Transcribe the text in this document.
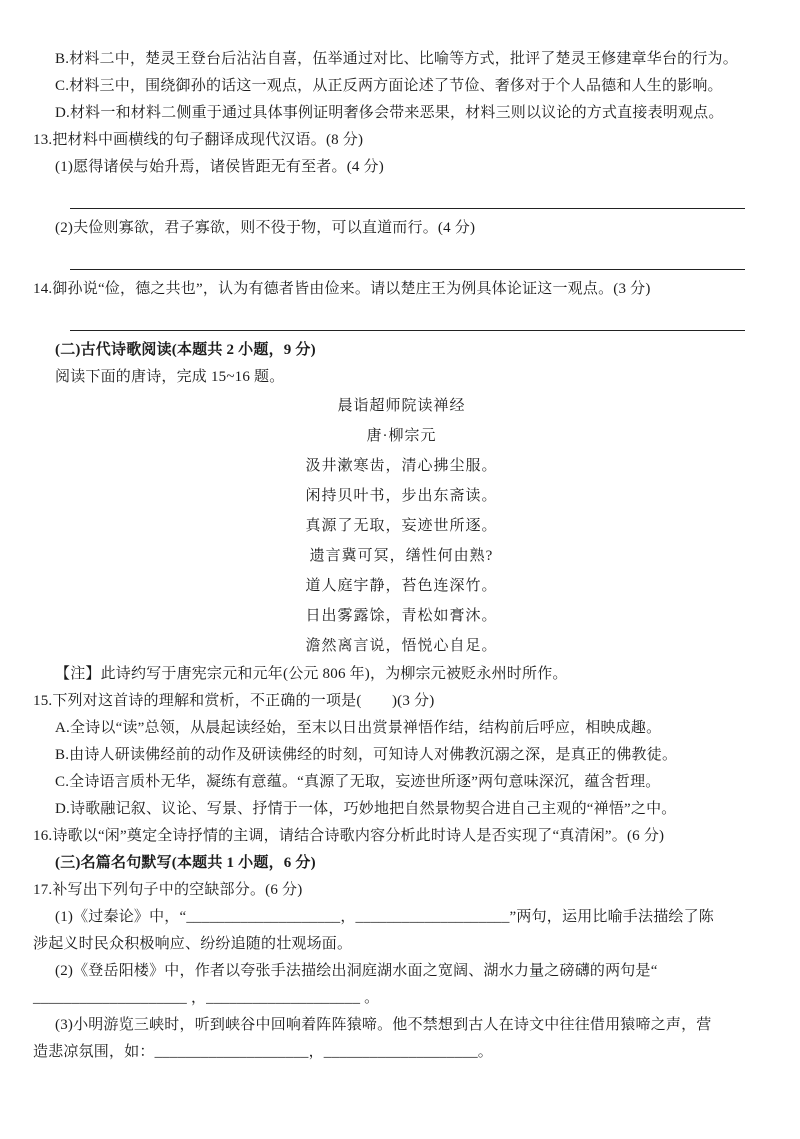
B.材料二中，楚灵王登台后沾沾自喜，伍举通过对比、比喻等方式，批评了楚灵王修建章华台的行为。

C.材料三中，围绕御孙的话这一观点，从正反两方面论述了节俭、奢侈对于个人品德和人生的影响。

D.材料一和材料二侧重于通过具体事例证明奢侈会带来恶果，材料三则以议论的方式直接表明观点。

13.把材料中画横线的句子翻译成现代汉语。(8 分)

(1)愿得诸侯与始升焉，诸侯皆距无有至者。(4 分)

(2)夫俭则寡欲，君子寡欲，则不役于物，可以直道而行。(4 分)

14.御孙说“俭，德之共也”，认为有德者皆由俭来。请以楚庄王为例具体论证这一观点。(3 分)

(二)古代诗歌阅读(本题共 2 小题，9 分)

阅读下面的唐诗，完成 15~16 题。

晨诣超师院读禅经

唐·柳宗元

汲井漱寒齿，清心拂尘服。

闲持贝叶书，步出东斋读。

真源了无取，妄迹世所逐。

遗言冀可冥，缮性何由熟?

道人庭宇静，苔色连深竹。

日出雾露馀，青松如膏沐。

澹然离言说，悟悦心自足。

【注】此诗约写于唐宪宗元和元年(公元 806 年)，为柳宗元被贬永州时所作。

15.下列对这首诗的理解和赏析，不正确的一项是(　　)(3 分)

A.全诗以“读”总领，从晨起读经始，至末以日出赏景禅悟作结，结构前后呼应，相映成趣。

B.由诗人研读佛经前的动作及研读佛经的时刻，可知诗人对佛教沉溺之深，是真正的佛教徒。

C.全诗语言质朴无华，凝练有意蕴。“真源了无取，妄迹世所逐”两句意味深沉，蕴含哲理。

D.诗歌融记叙、议论、写景、抒情于一体，巧妙地把自然景物契合进自己主观的“禅悟”之中。

16.诗歌以“闲”奠定全诗抒情的主调，请结合诗歌内容分析此时诗人是否实现了“真清闲”。(6 分)

(三)名篇名句默写(本题共 1 小题，6 分)

17.补写出下列句子中的空缺部分。(6 分)

(1)《过秦论》中，“____________________，____________________”两句，运用比喻手法描绘了陈

涉起义时民众积极响应、纷纷追随的壮观场面。

(2)《登岳阳楼》中，作者以夸张手法描绘出洞庭湖水面之宽阔、湖水力量之磅礴的两句是“

____________________ ，____________________ 。

(3)小明游览三峡时，听到峡谷中回响着阵阵猿啼。他不禁想到古人在诗文中往往借用猿啼之声，营

造悲凉氛围，如：____________________，____________________。
